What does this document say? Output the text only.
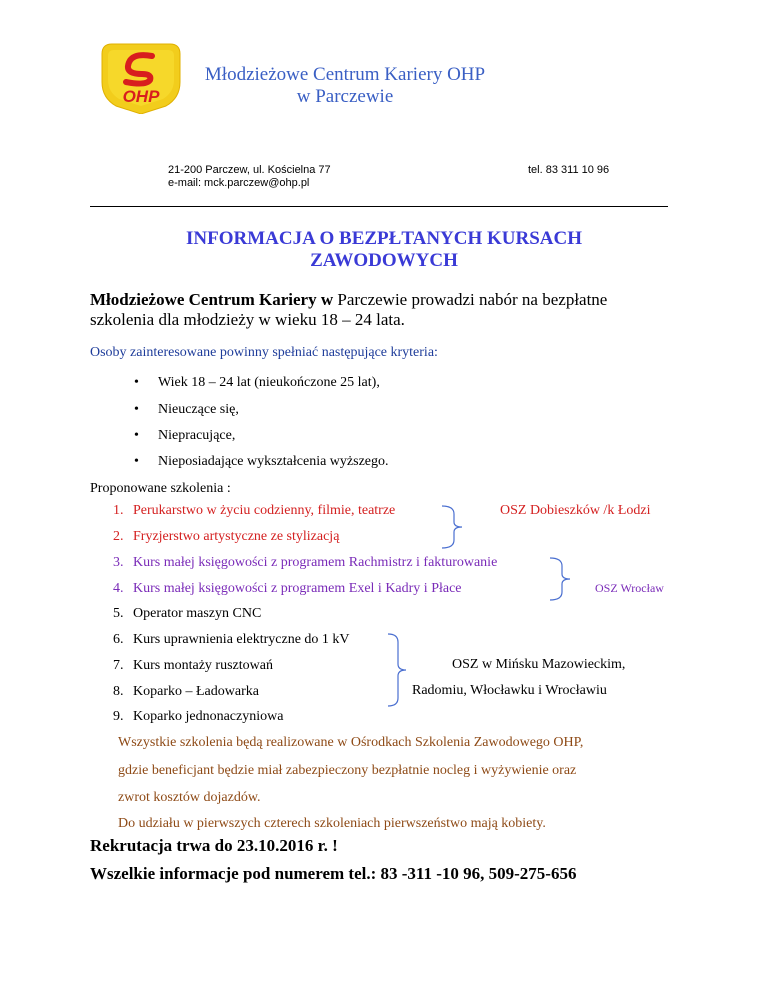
OHP
Młodzieżowe Centrum Kariery OHP
w Parczewie
21-200 Parczew, ul. Kościelna 77
e-mail: mck.parczew@ohp.pl
tel. 83 311 10 96
INFORMACJA O BEZPŁTANYCH KURSACH
ZAWODOWYCH
Młodzieżowe Centrum Kariery w Parczewie prowadzi nabór na bezpłatne
szkolenia dla młodzieży w wieku 18 – 24 lata.
Osoby zainteresowane powinny spełniać następujące kryteria:
• Wiek 18 – 24 lat (nieukończone 25 lat),
• Nieuczące się,
• Niepracujące,
• Nieposiadające wykształcenia wyższego.
Proponowane szkolenia :
1. Perukarstwo w życiu codzienny, filmie, teatrze
2. Fryzjerstwo artystyczne ze stylizacją
3. Kurs małej księgowości z programem Rachmistrz i fakturowanie
4. Kurs małej księgowości z programem Exel i Kadry i Płace
5. Operator maszyn CNC
6. Kurs uprawnienia elektryczne do 1 kV
7. Kurs montaży rusztowań
8. Koparko – Ładowarka
9. Koparko jednonaczyniowa
OSZ Dobieszków /k Łodzi
OSZ Wrocław
OSZ w Mińsku Mazowieckim,
Radomiu, Włocławku i Wrocławiu
Wszystkie szkolenia będą realizowane w Ośrodkach Szkolenia Zawodowego OHP,
gdzie beneficjant będzie miał zabezpieczony bezpłatnie nocleg i wyżywienie oraz
zwrot kosztów dojazdów.
Do udziału w pierwszych czterech szkoleniach pierwszeństwo mają kobiety.
Rekrutacja trwa do 23.10.2016 r. !
Wszelkie informacje pod numerem tel.: 83 -311 -10 96, 509-275-656
